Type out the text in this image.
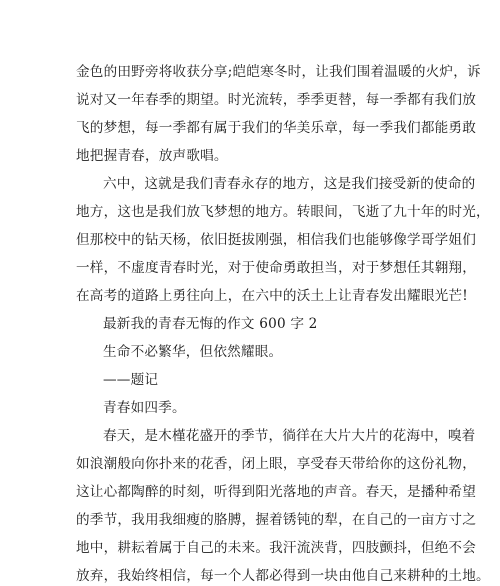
金色的田野旁将收获分享;皑皑寒冬时，让我们围着温暖的火炉，诉
说对又一年春季的期望。时光流转，季季更替，每一季都有我们放
飞的梦想，每一季都有属于我们的华美乐章，每一季我们都能勇敢
地把握青春，放声歌唱。
六中，这就是我们青春永存的地方，这是我们接受新的使命的
地方，这也是我们放飞梦想的地方。转眼间，飞逝了九十年的时光，
但那校中的钻天杨，依旧挺拔刚强，相信我们也能够像学哥学姐们
一样，不虚度青春时光，对于使命勇敢担当，对于梦想任其翱翔，
在高考的道路上勇往向上，在六中的沃土上让青春发出耀眼光芒!
最新我的青春无悔的作文 600 字 2
生命不必繁华，但依然耀眼。
——题记
青春如四季。
春天，是木槿花盛开的季节，徜徉在大片大片的花海中，嗅着
如浪潮般向你扑来的花香，闭上眼，享受春天带给你的这份礼物，
这让心都陶醉的时刻，听得到阳光落地的声音。春天，是播种希望
的季节，我用我细瘦的胳膊，握着锈钝的犁，在自己的一亩方寸之
地中，耕耘着属于自己的未来。我汗流浃背，四肢颤抖，但绝不会
放弃，我始终相信，每一个人都必得到一块由他自己来耕种的土地。
